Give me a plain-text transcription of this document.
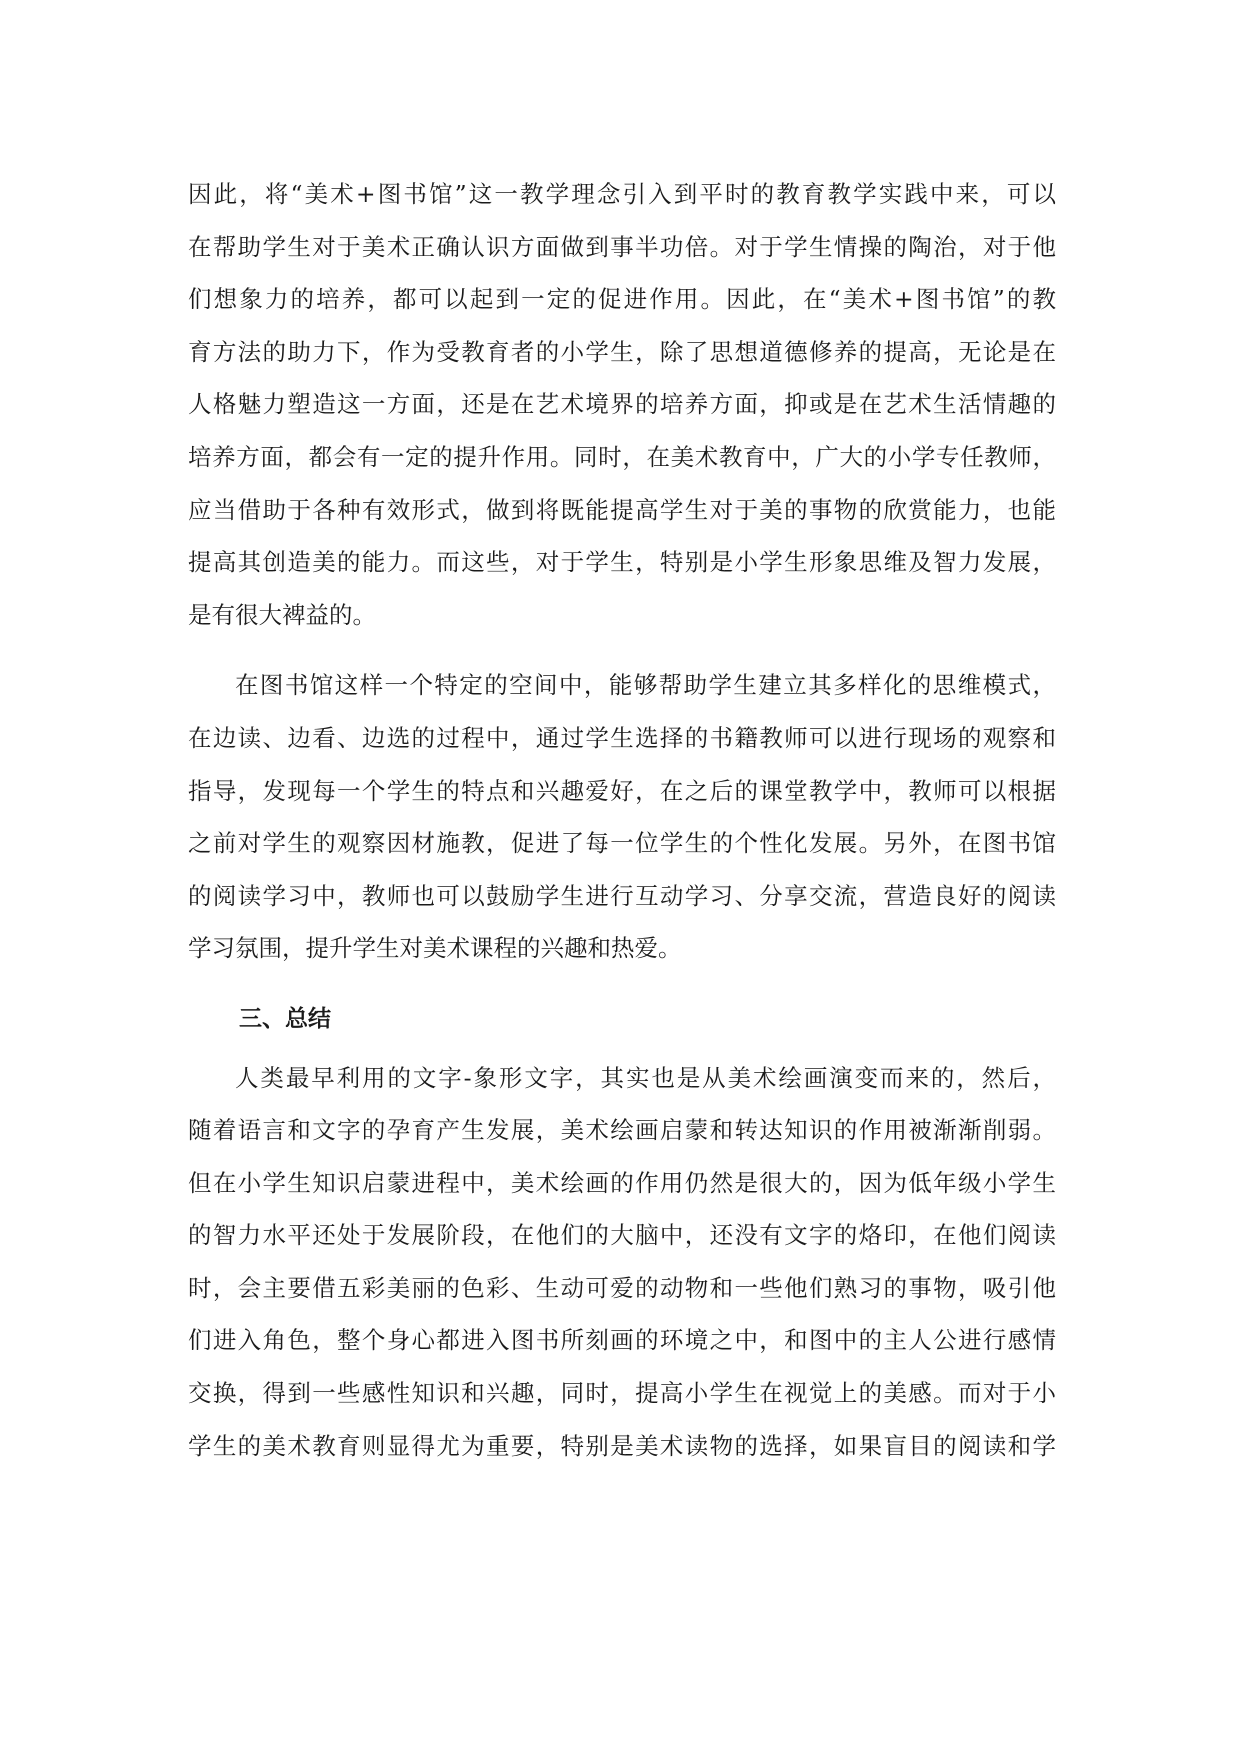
因此，将“美术+图书馆”这一教学理念引入到平时的教育教学实践中来，可以
在帮助学生对于美术正确认识方面做到事半功倍。对于学生情操的陶治，对于他
们想象力的培养，都可以起到一定的促进作用。因此，在“美术+图书馆”的教
育方法的助力下，作为受教育者的小学生，除了思想道德修养的提高，无论是在
人格魅力塑造这一方面，还是在艺术境界的培养方面，抑或是在艺术生活情趣的
培养方面，都会有一定的提升作用。同时，在美术教育中，广大的小学专任教师，
应当借助于各种有效形式，做到将既能提高学生对于美的事物的欣赏能力，也能
提高其创造美的能力。而这些，对于学生，特别是小学生形象思维及智力发展，
是有很大裨益的。
在图书馆这样一个特定的空间中，能够帮助学生建立其多样化的思维模式，
在边读、边看、边选的过程中，通过学生选择的书籍教师可以进行现场的观察和
指导，发现每一个学生的特点和兴趣爱好，在之后的课堂教学中，教师可以根据
之前对学生的观察因材施教，促进了每一位学生的个性化发展。另外，在图书馆
的阅读学习中，教师也可以鼓励学生进行互动学习、分享交流，营造良好的阅读
学习氛围，提升学生对美术课程的兴趣和热爱。
三、总结
人类最早利用的文字-象形文字，其实也是从美术绘画演变而来的，然后，
随着语言和文字的孕育产生发展，美术绘画启蒙和转达知识的作用被渐渐削弱。
但在小学生知识启蒙进程中，美术绘画的作用仍然是很大的，因为低年级小学生
的智力水平还处于发展阶段，在他们的大脑中，还没有文字的烙印，在他们阅读
时，会主要借五彩美丽的色彩、生动可爱的动物和一些他们熟习的事物，吸引他
们进入角色，整个身心都进入图书所刻画的环境之中，和图中的主人公进行感情
交换，得到一些感性知识和兴趣，同时，提高小学生在视觉上的美感。而对于小
学生的美术教育则显得尤为重要，特别是美术读物的选择，如果盲目的阅读和学
